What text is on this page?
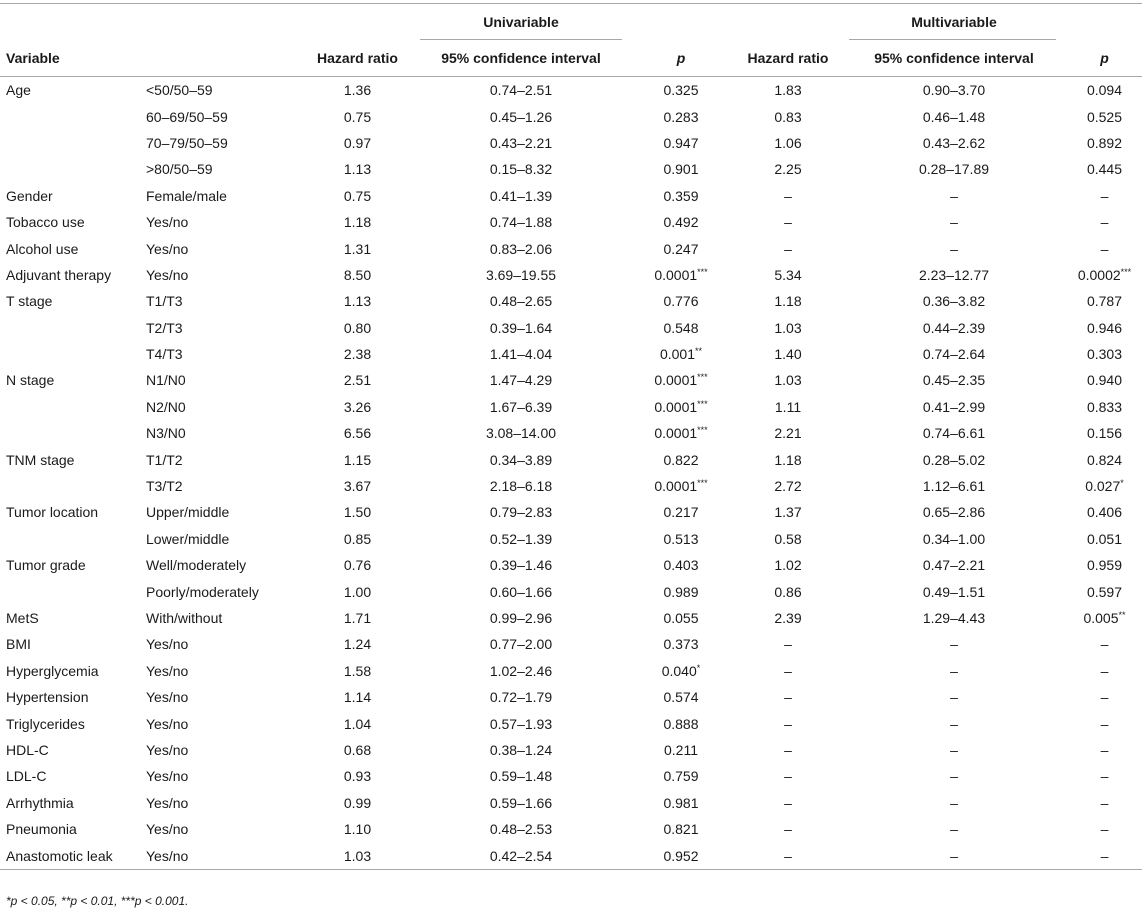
			Univariable			Multivariable	
Variable		Hazard ratio	95% confidence interval	p	Hazard ratio	95% confidence interval	p
Age	<50/50–59	1.36	0.74–2.51	0.325	1.83	0.90–3.70	0.094
	60–69/50–59	0.75	0.45–1.26	0.283	0.83	0.46–1.48	0.525
	70–79/50–59	0.97	0.43–2.21	0.947	1.06	0.43–2.62	0.892
	>80/50–59	1.13	0.15–8.32	0.901	2.25	0.28–17.89	0.445
Gender	Female/male	0.75	0.41–1.39	0.359	–	–	–
Tobacco use	Yes/no	1.18	0.74–1.88	0.492	–	–	–
Alcohol use	Yes/no	1.31	0.83–2.06	0.247	–	–	–
Adjuvant therapy	Yes/no	8.50	3.69–19.55	0.0001***	5.34	2.23–12.77	0.0002***
T stage	T1/T3	1.13	0.48–2.65	0.776	1.18	0.36–3.82	0.787
	T2/T3	0.80	0.39–1.64	0.548	1.03	0.44–2.39	0.946
	T4/T3	2.38	1.41–4.04	0.001**	1.40	0.74–2.64	0.303
N stage	N1/N0	2.51	1.47–4.29	0.0001***	1.03	0.45–2.35	0.940
	N2/N0	3.26	1.67–6.39	0.0001***	1.11	0.41–2.99	0.833
	N3/N0	6.56	3.08–14.00	0.0001***	2.21	0.74–6.61	0.156
TNM stage	T1/T2	1.15	0.34–3.89	0.822	1.18	0.28–5.02	0.824
	T3/T2	3.67	2.18–6.18	0.0001***	2.72	1.12–6.61	0.027*
Tumor location	Upper/middle	1.50	0.79–2.83	0.217	1.37	0.65–2.86	0.406
	Lower/middle	0.85	0.52–1.39	0.513	0.58	0.34–1.00	0.051
Tumor grade	Well/moderately	0.76	0.39–1.46	0.403	1.02	0.47–2.21	0.959
	Poorly/moderately	1.00	0.60–1.66	0.989	0.86	0.49–1.51	0.597
MetS	With/without	1.71	0.99–2.96	0.055	2.39	1.29–4.43	0.005**
BMI	Yes/no	1.24	0.77–2.00	0.373	–	–	–
Hyperglycemia	Yes/no	1.58	1.02–2.46	0.040*	–	–	–
Hypertension	Yes/no	1.14	0.72–1.79	0.574	–	–	–
Triglycerides	Yes/no	1.04	0.57–1.93	0.888	–	–	–
HDL-C	Yes/no	0.68	0.38–1.24	0.211	–	–	–
LDL-C	Yes/no	0.93	0.59–1.48	0.759	–	–	–
Arrhythmia	Yes/no	0.99	0.59–1.66	0.981	–	–	–
Pneumonia	Yes/no	1.10	0.48–2.53	0.821	–	–	–
Anastomotic leak	Yes/no	1.03	0.42–2.54	0.952	–	–	–
*p < 0.05, **p < 0.01, ***p < 0.001.
